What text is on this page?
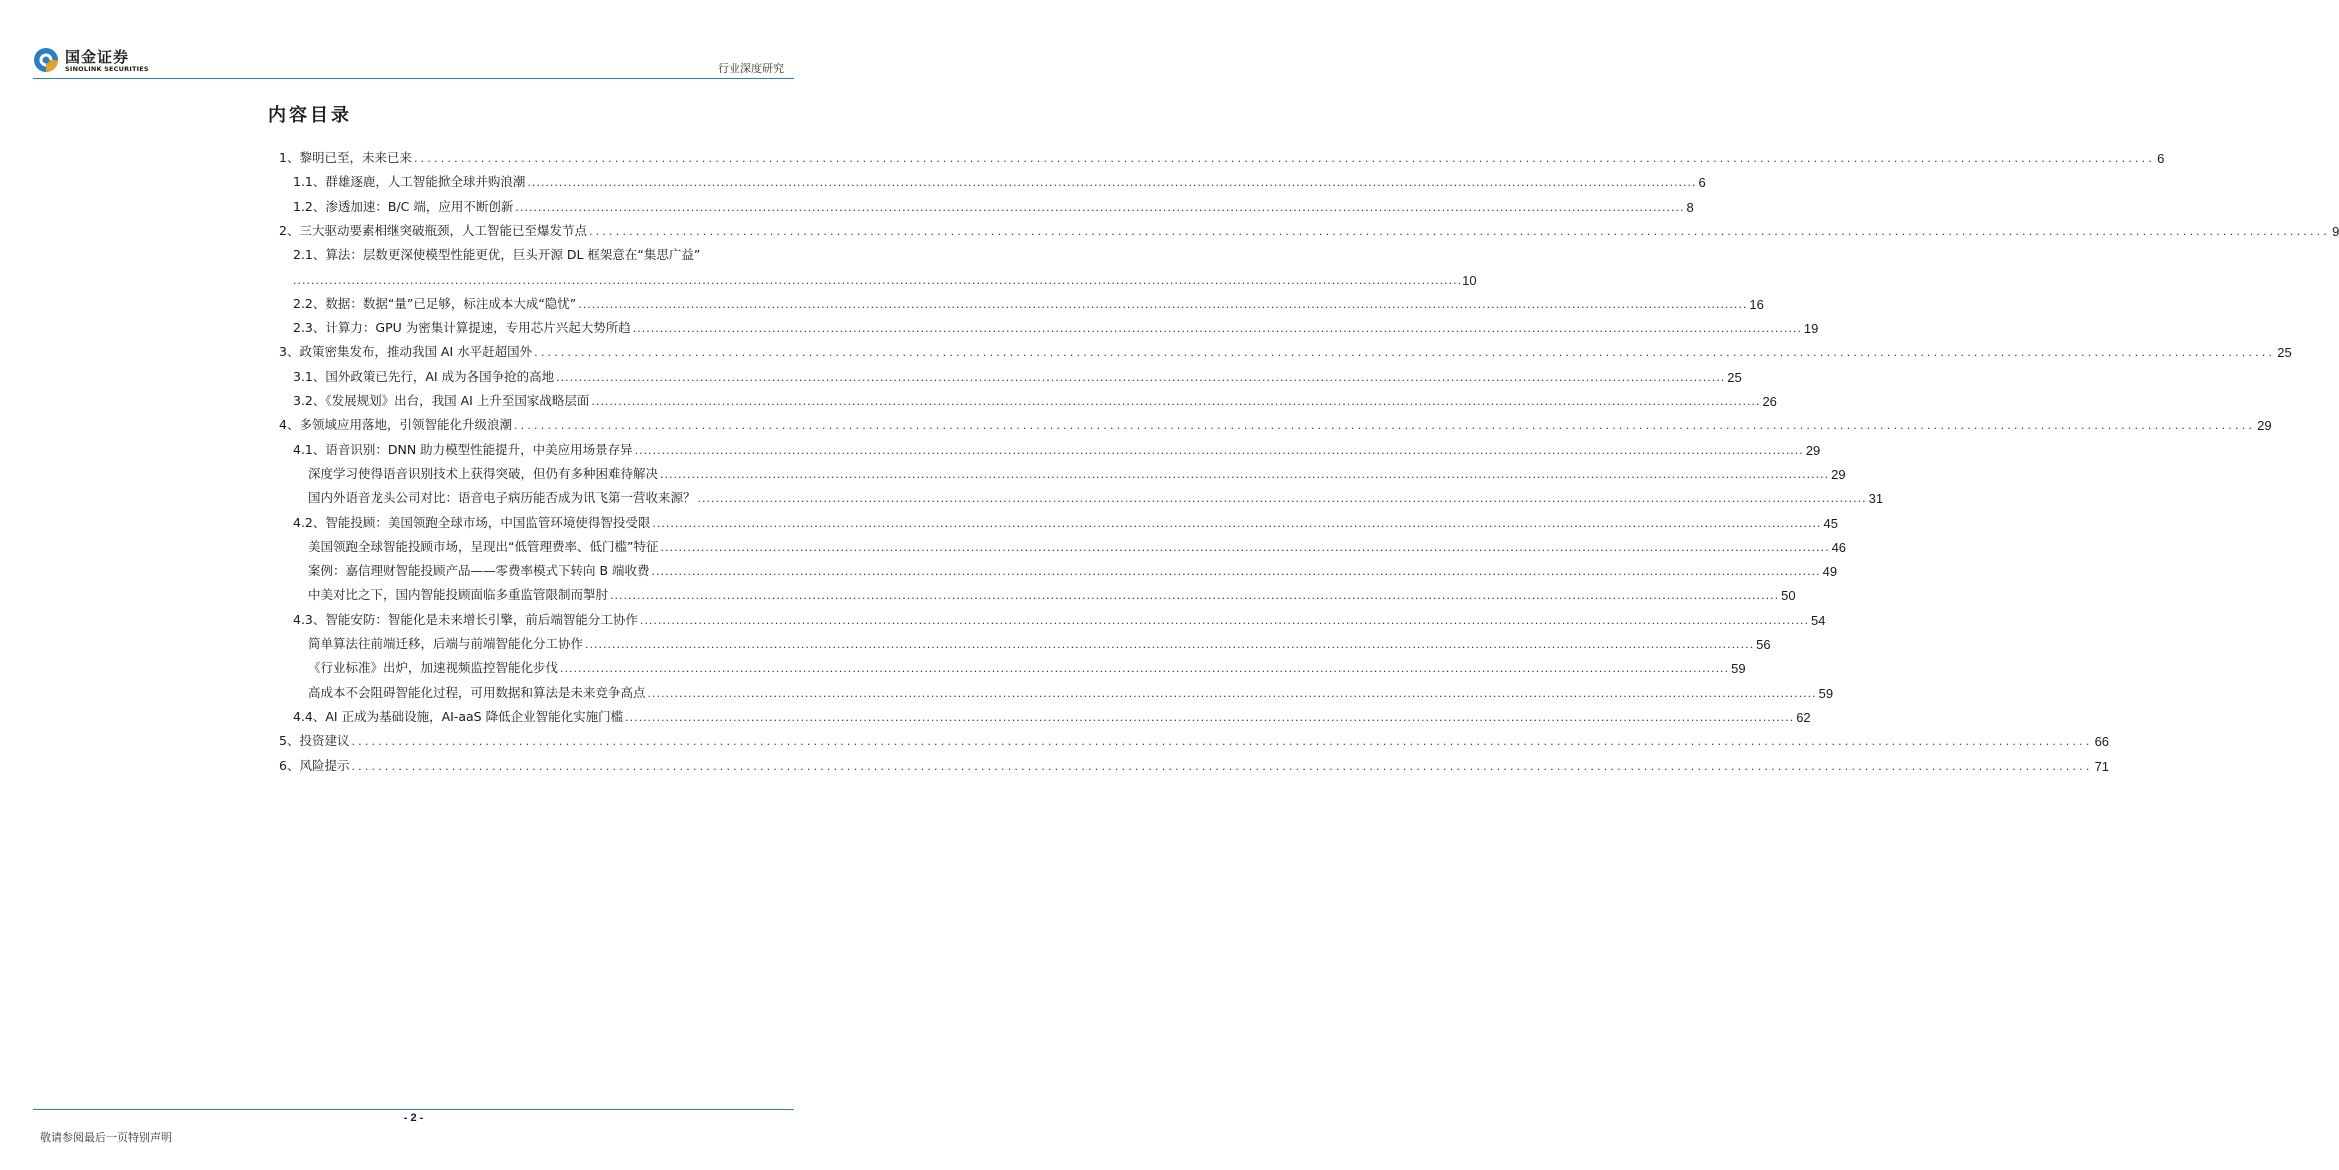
国金证券
SINOLINK SECURITIES	行业深度研究
内容目录
1、黎明已至，未来已来 .................................................................................................................................................................................................................................................................... 6
1.1、群雄逐鹿，人工智能掀全球并购浪潮 .................................................................................................................................................................................................................................................................... 6
1.2、渗透加速：B/C 端，应用不断创新 .................................................................................................................................................................................................................................................................... 8
2、三大驱动要素相继突破瓶颈，人工智能已至爆发节点 .................................................................................................................................................................................................................................................................... 9
2.1、算法：层数更深使模型性能更优，巨头开源 DL 框架意在“集思广益”
.................................................................................................................................................................................................................................................................... 10
2.2、数据：数据“量”已足够，标注成本大成“隐忧” .................................................................................................................................................................................................................................................................... 16
2.3、计算力：GPU 为密集计算提速，专用芯片兴起大势所趋 .................................................................................................................................................................................................................................................................... 19
3、政策密集发布，推动我国 AI 水平赶超国外 .................................................................................................................................................................................................................................................................... 25
3.1、国外政策已先行，AI 成为各国争抢的高地 .................................................................................................................................................................................................................................................................... 25
3.2、《发展规划》出台，我国 AI 上升至国家战略层面 .................................................................................................................................................................................................................................................................... 26
4、多领域应用落地，引领智能化升级浪潮 .................................................................................................................................................................................................................................................................... 29
4.1、语音识别：DNN 助力模型性能提升，中美应用场景存异 .................................................................................................................................................................................................................................................................... 29
深度学习使得语音识别技术上获得突破，但仍有多种困难待解决 .................................................................................................................................................................................................................................................................... 29
国内外语音龙头公司对比：语音电子病历能否成为讯飞第一营收来源？ .................................................................................................................................................................................................................................................................... 31
4.2、智能投顾：美国领跑全球市场，中国监管环境使得智投受限 .................................................................................................................................................................................................................................................................... 45
美国领跑全球智能投顾市场，呈现出“低管理费率、低门槛”特征 .................................................................................................................................................................................................................................................................... 46
案例：嘉信理财智能投顾产品——零费率模式下转向 B 端收费 .................................................................................................................................................................................................................................................................... 49
中美对比之下，国内智能投顾面临多重监管限制而掣肘 .................................................................................................................................................................................................................................................................... 50
4.3、智能安防：智能化是未来增长引擎，前后端智能分工协作 .................................................................................................................................................................................................................................................................... 54
简单算法往前端迁移，后端与前端智能化分工协作 .................................................................................................................................................................................................................................................................... 56
《行业标准》出炉，加速视频监控智能化步伐 .................................................................................................................................................................................................................................................................... 59
高成本不会阻碍智能化过程，可用数据和算法是未来竞争高点 .................................................................................................................................................................................................................................................................... 59
4.4、AI 正成为基础设施，AI-aaS 降低企业智能化实施门槛 .................................................................................................................................................................................................................................................................... 62
5、投资建议 .................................................................................................................................................................................................................................................................... 66
6、风险提示 .................................................................................................................................................................................................................................................................... 71
- 2 -
敬请参阅最后一页特别声明
